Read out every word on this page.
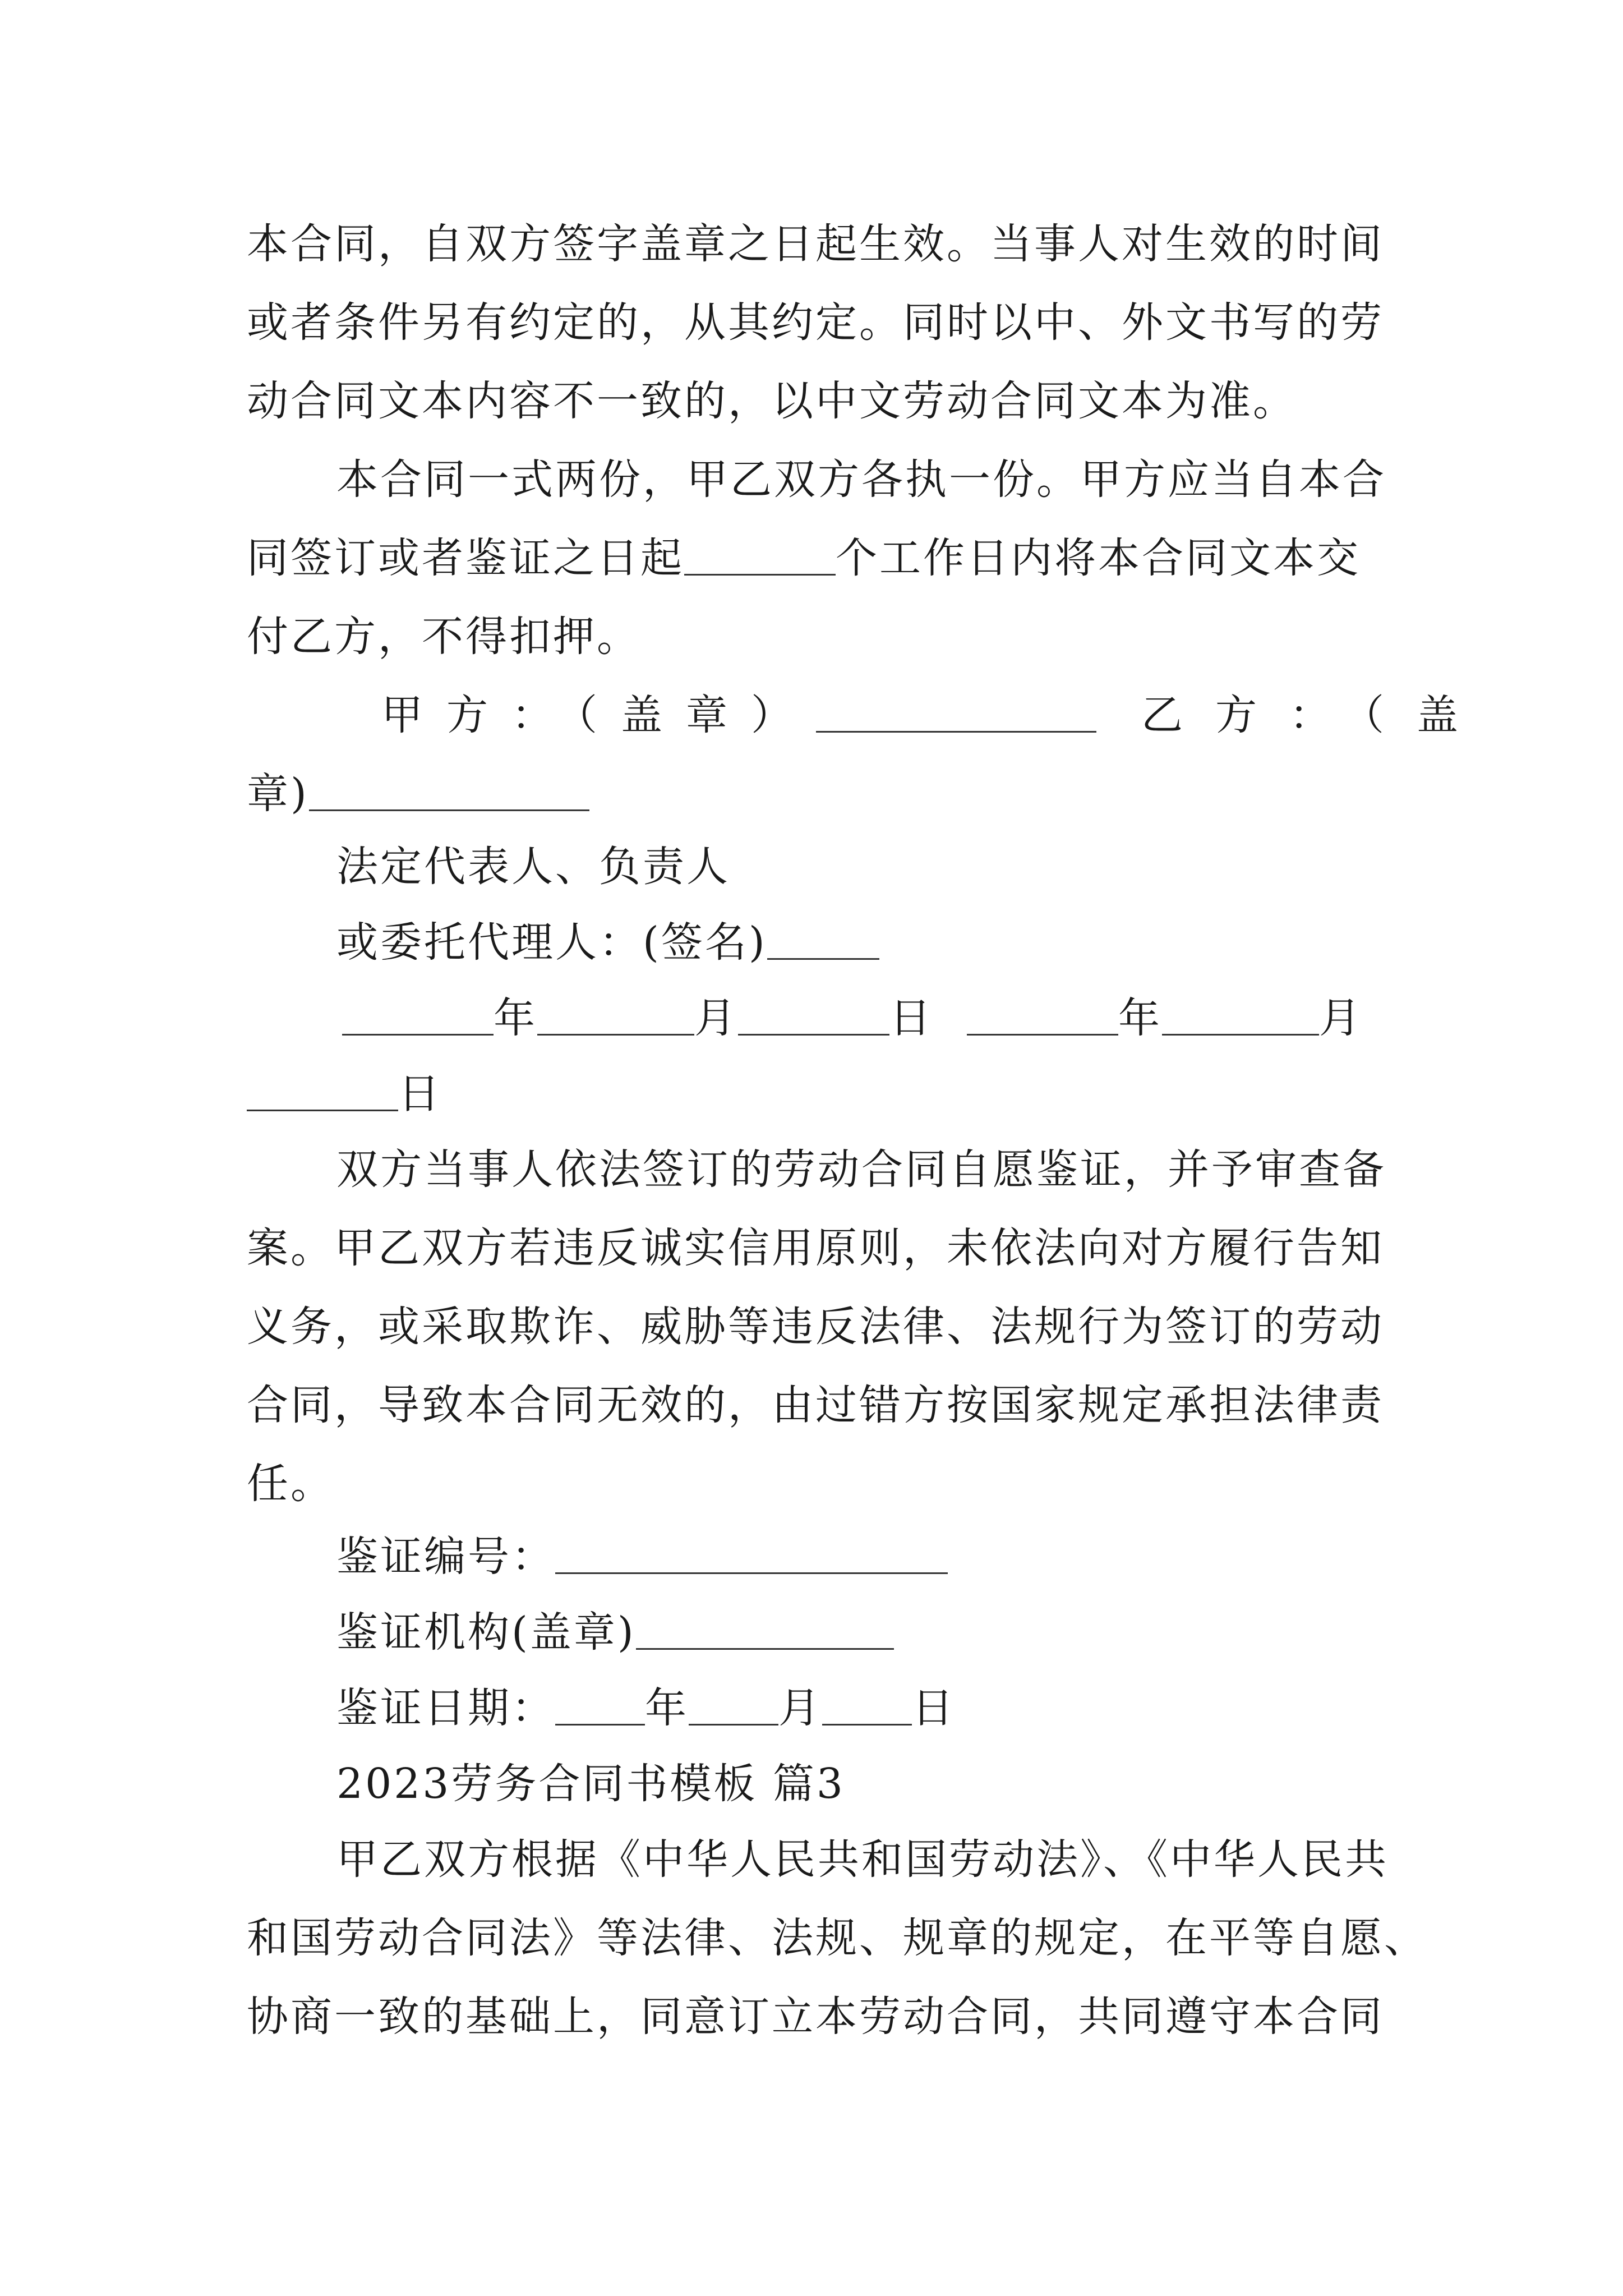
本合同，自双方签字盖章之日起生效。当事人对生效的时间
或者条件另有约定的，从其约定。同时以中、外文书写的劳
动合同文本内容不一致的，以中文劳动合同文本为准。
本合同一式两份，甲乙双方各执一份。甲方应当自本合
同签订或者鉴证之日起	个工作日内将本合同文本交
付乙方，不得扣押。
甲方：（盖章）	乙方：（盖
章)
法定代表人、负责人
或委托代理人：(签名)
年	月	日	年	月
日
双方当事人依法签订的劳动合同自愿鉴证，并予审查备
案。甲乙双方若违反诚实信用原则，未依法向对方履行告知
义务，或采取欺诈、威胁等违反法律、法规行为签订的劳动
合同，导致本合同无效的，由过错方按国家规定承担法律责
任。
鉴证编号：
鉴证机构(盖章)
鉴证日期： 年 月 日
2023劳务合同书模板 篇3
甲乙双方根据《中华人民共和国劳动法》、《中华人民共
和国劳动合同法》等法律、法规、规章的规定，在平等自愿、
协商一致的基础上，同意订立本劳动合同，共同遵守本合同
